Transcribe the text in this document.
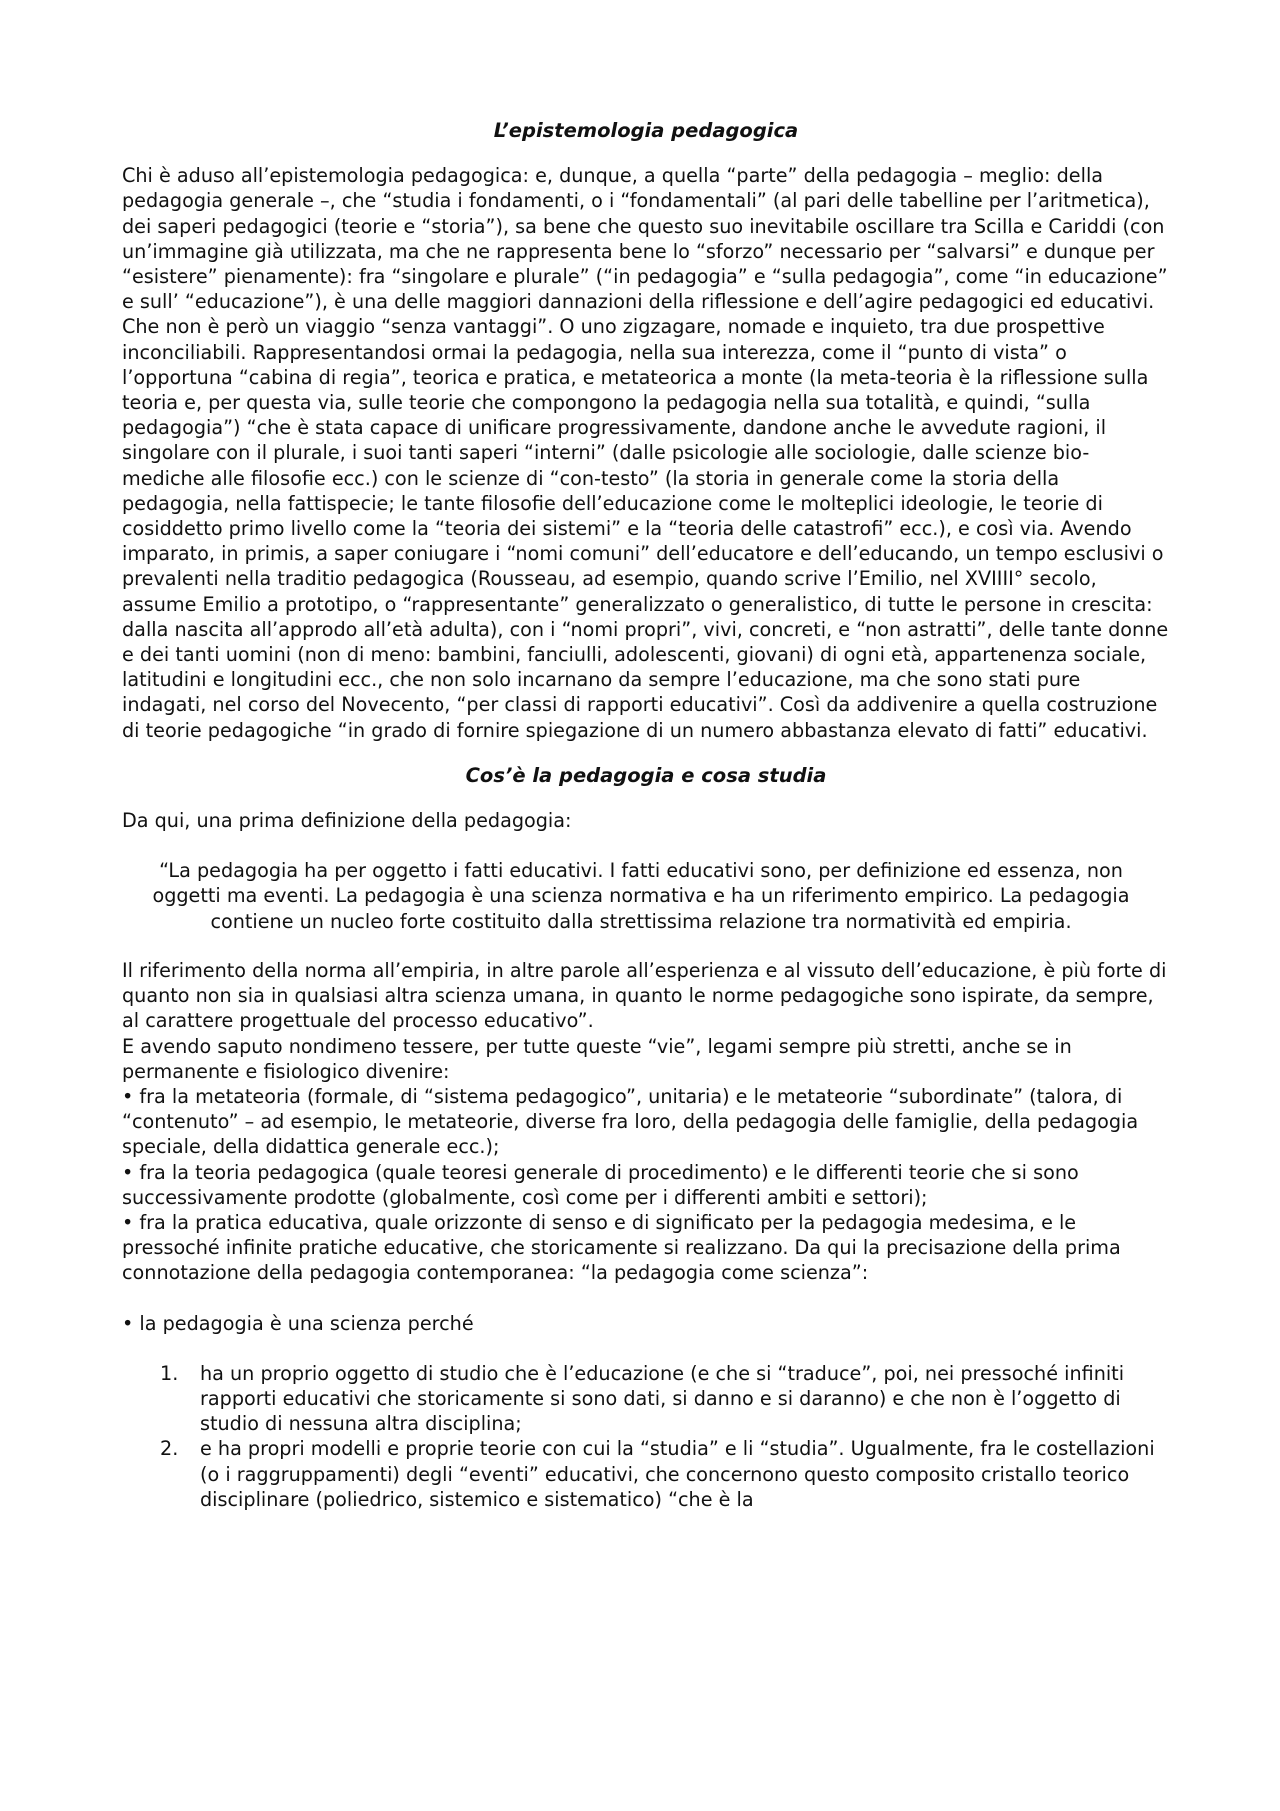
L’epistemologia pedagogica

Chi è aduso all’epistemologia pedagogica: e, dunque, a quella “parte” della pedagogia – meglio: della pedagogia generale –, che “studia i fondamenti, o i “fondamentali” (al pari delle tabelline per l’aritmetica), dei saperi pedagogici (teorie e “storia”), sa bene che questo suo inevitabile oscillare tra Scilla e Cariddi (con un’immagine già utilizzata, ma che ne rappresenta bene lo “sforzo” necessario per “salvarsi” e dunque per “esistere” pienamente): fra “singolare e plurale” (“in pedagogia” e “sulla pedagogia”, come “in educazione” e sull’ “educazione”), è una delle maggiori dannazioni della riflessione e dell’agire pedagogici ed educativi. Che non è però un viaggio “senza vantaggi”. O uno zigzagare, nomade e inquieto, tra due prospettive inconciliabili. Rappresentandosi ormai la pedagogia, nella sua interezza, come il “punto di vista” o l’opportuna “cabina di regia”, teorica e pratica, e metateorica a monte (la meta-teoria è la riflessione sulla teoria e, per questa via, sulle teorie che compongono la pedagogia nella sua totalità, e quindi, “sulla pedagogia”) “che è stata capace di unificare progressivamente, dandone anche le avvedute ragioni, il singolare con il plurale, i suoi tanti saperi “interni” (dalle psicologie alle sociologie, dalle scienze bio-mediche alle filosofie ecc.) con le scienze di “con-testo” (la storia in generale come la storia della pedagogia, nella fattispecie; le tante filosofie dell’educazione come le molteplici ideologie, le teorie di cosiddetto primo livello come la “teoria dei sistemi” e la “teoria delle catastrofi” ecc.), e così via. Avendo imparato, in primis, a saper coniugare i “nomi comuni” dell’educatore e dell’educando, un tempo esclusivi o prevalenti nella traditio pedagogica (Rousseau, ad esempio, quando scrive l’Emilio, nel XVIIII° secolo, assume Emilio a prototipo, o “rappresentante” generalizzato o generalistico, di tutte le persone in crescita: dalla nascita all’approdo all’età adulta), con i “nomi propri”, vivi, concreti, e “non astratti”, delle tante donne e dei tanti uomini (non di meno: bambini, fanciulli, adolescenti, giovani) di ogni età, appartenenza sociale, latitudini e longitudini ecc., che non solo incarnano da sempre l’educazione, ma che sono stati pure indagati, nel corso del Novecento, “per classi di rapporti educativi”. Così da addivenire a quella costruzione di teorie pedagogiche “in grado di fornire spiegazione di un numero abbastanza elevato di fatti” educativi.

Cos’è la pedagogia e cosa studia

Da qui, una prima definizione della pedagogia:

“La pedagogia ha per oggetto i fatti educativi. I fatti educativi sono, per definizione ed essenza, non oggetti ma eventi. La pedagogia è una scienza normativa e ha un riferimento empirico. La pedagogia contiene un nucleo forte costituito dalla strettissima relazione tra normatività ed empiria.

Il riferimento della norma all’empiria, in altre parole all’esperienza e al vissuto dell’educazione, è più forte di quanto non sia in qualsiasi altra scienza umana, in quanto le norme pedagogiche sono ispirate, da sempre, al carattere progettuale del processo educativo”.

E avendo saputo nondimeno tessere, per tutte queste “vie”, legami sempre più stretti, anche se in permanente e fisiologico divenire:

• fra la metateoria (formale, di “sistema pedagogico”, unitaria) e le metateorie “subordinate” (talora, di “contenuto” – ad esempio, le metateorie, diverse fra loro, della pedagogia delle famiglie, della pedagogia speciale, della didattica generale ecc.);

• fra la teoria pedagogica (quale teoresi generale di procedimento) e le differenti teorie che si sono successivamente prodotte (globalmente, così come per i differenti ambiti e settori);

• fra la pratica educativa, quale orizzonte di senso e di significato per la pedagogia medesima, e le pressoché infinite pratiche educative, che storicamente si realizzano. Da qui la precisazione della prima connotazione della pedagogia contemporanea: “la pedagogia come scienza”:

• la pedagogia è una scienza perché

1. ha un proprio oggetto di studio che è l’educazione (e che si “traduce”, poi, nei pressoché infiniti rapporti educativi che storicamente si sono dati, si danno e si daranno) e che non è l’oggetto di studio di nessuna altra disciplina;
2. e ha propri modelli e proprie teorie con cui la “studia” e li “studia”. Ugualmente, fra le costellazioni (o i raggruppamenti) degli “eventi” educativi, che concernono questo composito cristallo teorico disciplinare (poliedrico, sistemico e sistematico) “che è la
